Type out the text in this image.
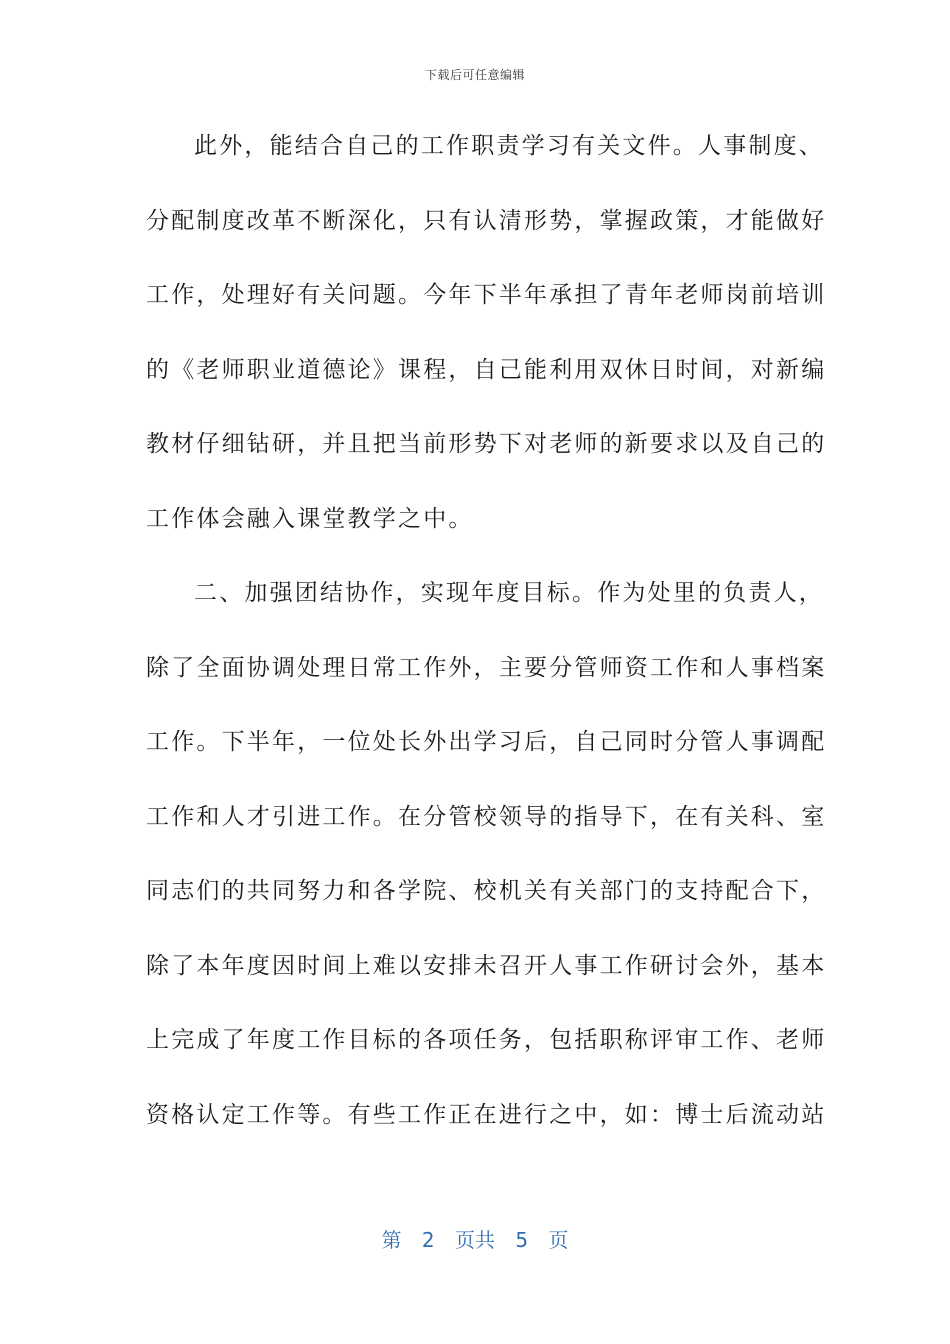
下载后可任意编辑
此外，能结合自己的工作职责学习有关文件。人事制度、
分配制度改革不断深化，只有认清形势，掌握政策，才能做好
工作，处理好有关问题。今年下半年承担了青年老师岗前培训
的《老师职业道德论》课程，自己能利用双休日时间，对新编
教材仔细钻研，并且把当前形势下对老师的新要求以及自己的
工作体会融入课堂教学之中。
二、加强团结协作，实现年度目标。作为处里的负责人，
除了全面协调处理日常工作外，主要分管师资工作和人事档案
工作。下半年，一位处长外出学习后，自己同时分管人事调配
工作和人才引进工作。在分管校领导的指导下，在有关科、室
同志们的共同努力和各学院、校机关有关部门的支持配合下，
除了本年度因时间上难以安排未召开人事工作研讨会外，基本
上完成了年度工作目标的各项任务，包括职称评审工作、老师
资格认定工作等。有些工作正在进行之中，如：博士后流动站
第 2 页共 5 页
